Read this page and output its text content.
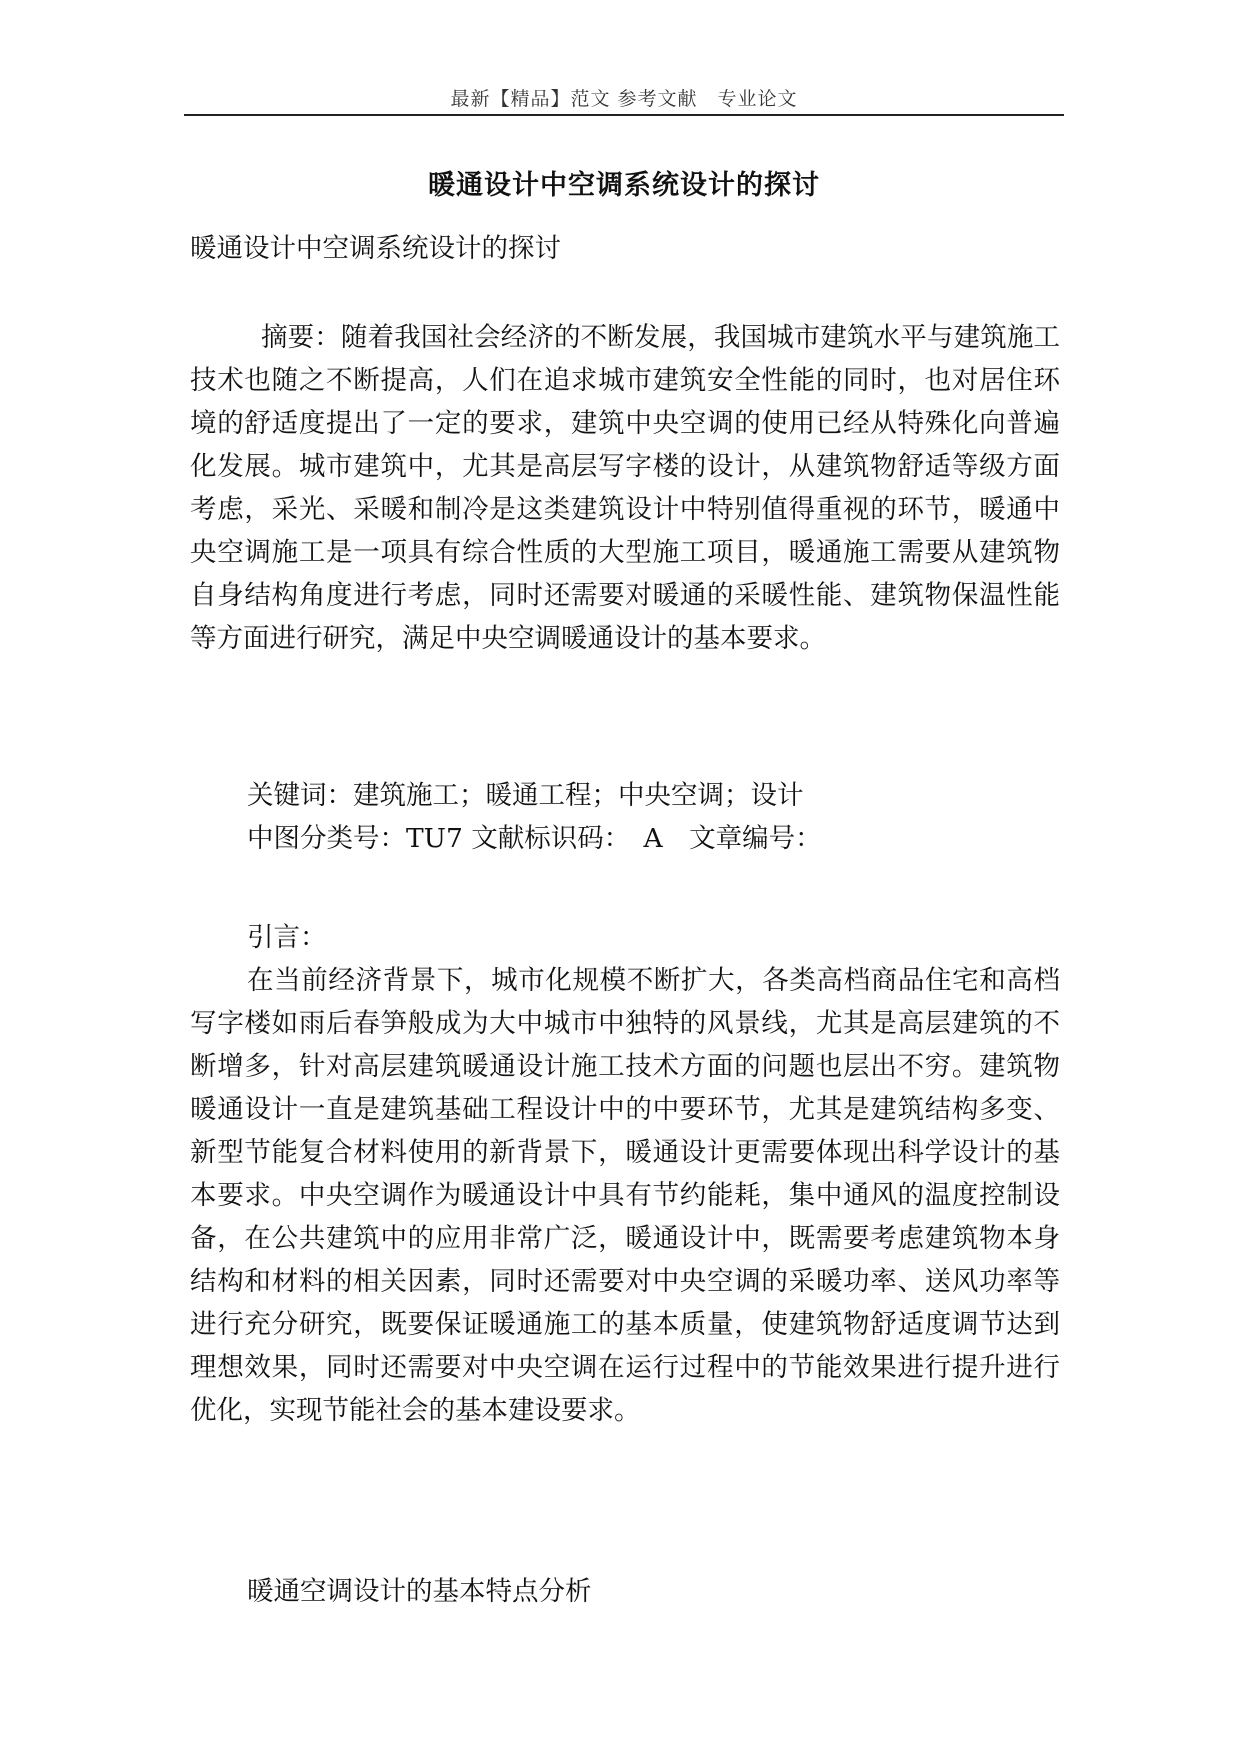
最新【精品】范文 参考文献　专业论文
暖通设计中空调系统设计的探讨

暖通设计中空调系统设计的探讨

摘要：随着我国社会经济的不断发展，我国城市建筑水平与建筑施工技术也随之不断提高，人们在追求城市建筑安全性能的同时，也对居住环境的舒适度提出了一定的要求，建筑中央空调的使用已经从特殊化向普遍化发展。城市建筑中，尤其是高层写字楼的设计，从建筑物舒适等级方面考虑，采光、采暖和制冷是这类建筑设计中特别值得重视的环节，暖通中央空调施工是一项具有综合性质的大型施工项目，暖通施工需要从建筑物自身结构角度进行考虑，同时还需要对暖通的采暖性能、建筑物保温性能等方面进行研究，满足中央空调暖通设计的基本要求。

关键词：建筑施工；暖通工程；中央空调；设计

中图分类号：TU7 文献标识码：　A　文章编号：

引言：

在当前经济背景下，城市化规模不断扩大，各类高档商品住宅和高档写字楼如雨后春笋般成为大中城市中独特的风景线，尤其是高层建筑的不断增多，针对高层建筑暖通设计施工技术方面的问题也层出不穷。建筑物暖通设计一直是建筑基础工程设计中的中要环节，尤其是建筑结构多变、新型节能复合材料使用的新背景下，暖通设计更需要体现出科学设计的基本要求。中央空调作为暖通设计中具有节约能耗，集中通风的温度控制设备，在公共建筑中的应用非常广泛，暖通设计中，既需要考虑建筑物本身结构和材料的相关因素，同时还需要对中央空调的采暖功率、送风功率等进行充分研究，既要保证暖通施工的基本质量，使建筑物舒适度调节达到理想效果，同时还需要对中央空调在运行过程中的节能效果进行提升进行优化，实现节能社会的基本建设要求。

暖通空调设计的基本特点分析
